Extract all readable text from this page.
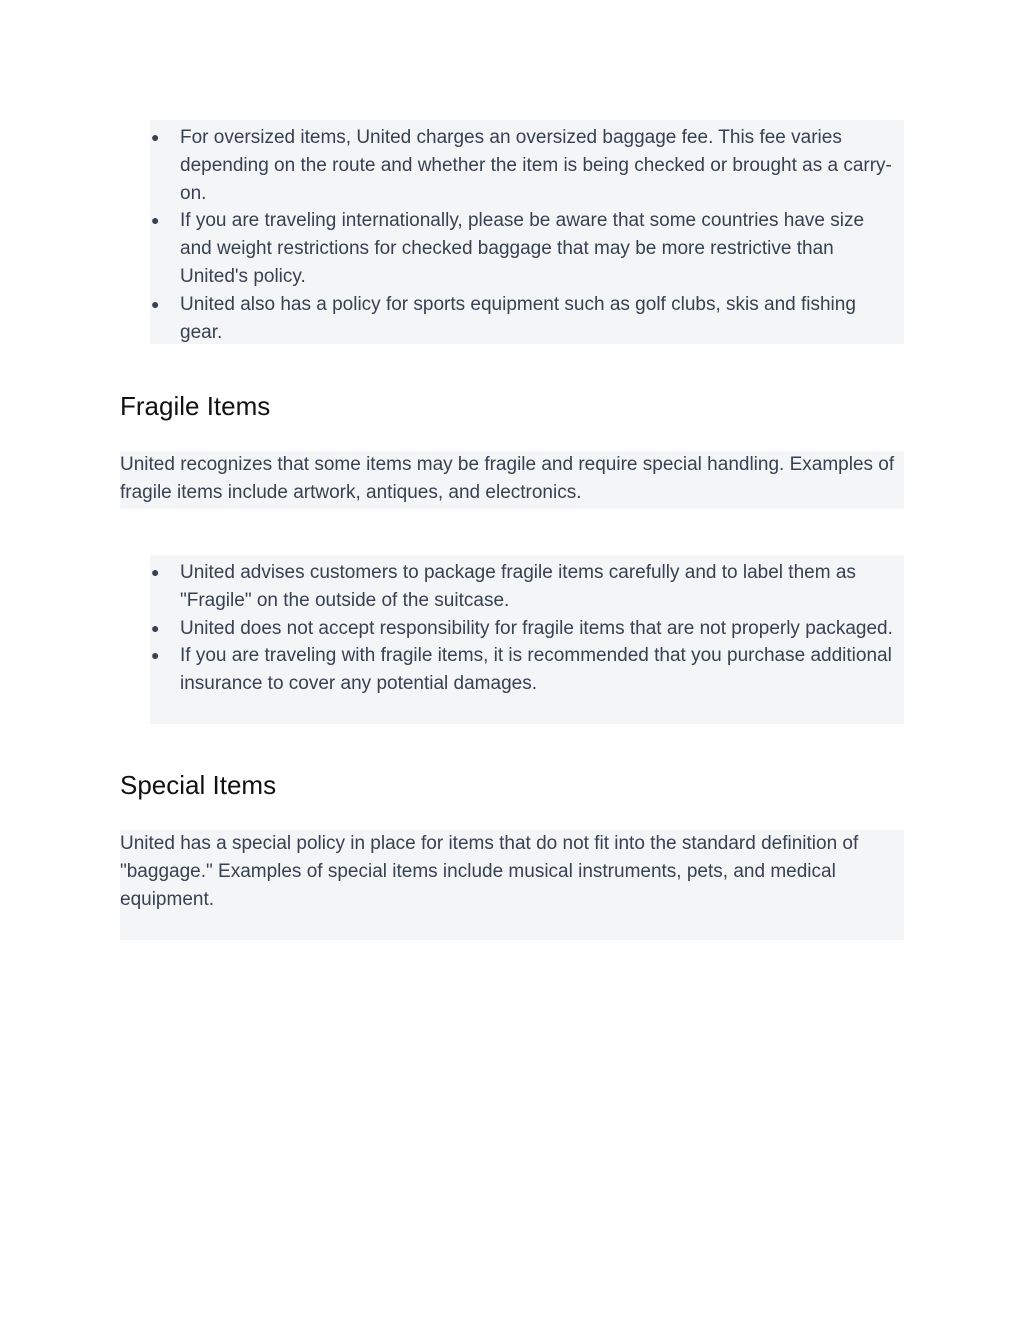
● For oversized items, United charges an oversized baggage fee. This fee varies depending on the route and whether the item is being checked or brought as a carry-on.
● If you are traveling internationally, please be aware that some countries have size and weight restrictions for checked baggage that may be more restrictive than United's policy.
● United also has a policy for sports equipment such as golf clubs, skis and fishing gear.
Fragile Items

United recognizes that some items may be fragile and require special handling. Examples of fragile items include artwork, antiques, and electronics.

● United advises customers to package fragile items carefully and to label them as "Fragile" on the outside of the suitcase.
● United does not accept responsibility for fragile items that are not properly packaged.
● If you are traveling with fragile items, it is recommended that you purchase additional insurance to cover any potential damages.
Special Items

United has a special policy in place for items that do not fit into the standard definition of "baggage." Examples of special items include musical instruments, pets, and medical equipment.
